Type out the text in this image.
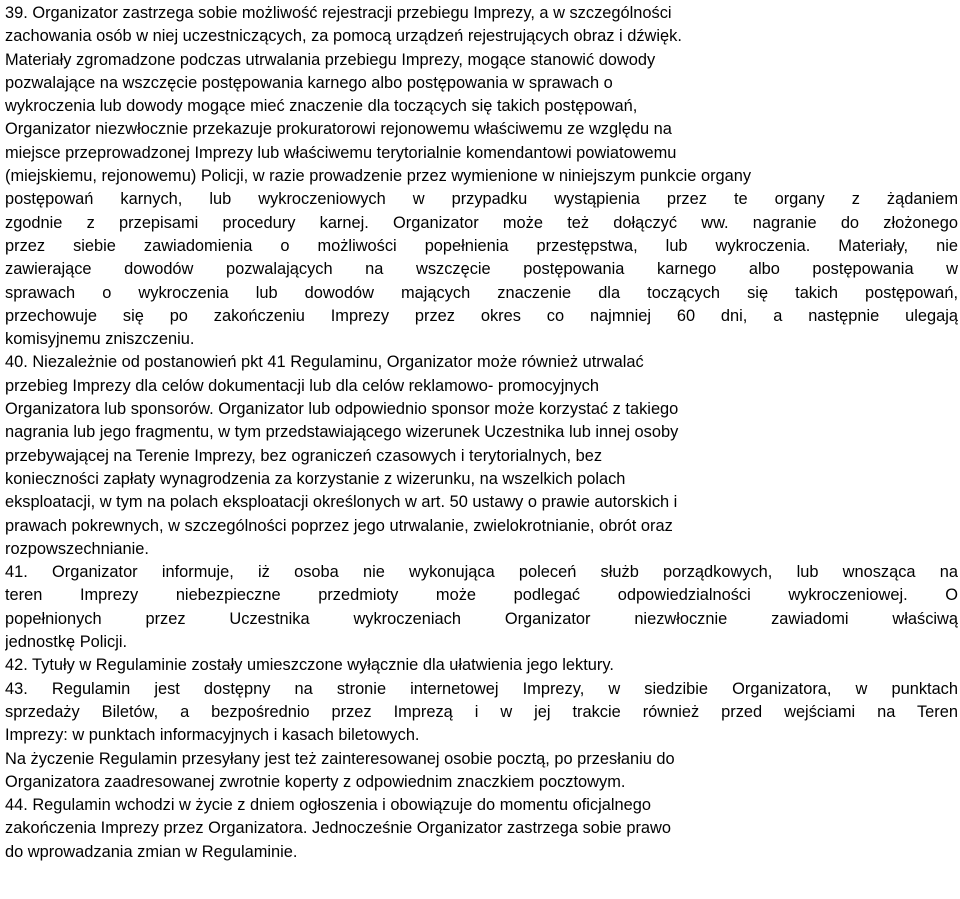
39. Organizator zastrzega sobie możliwość rejestracji przebiegu Imprezy, a w szczególności
zachowania osób w niej uczestniczących, za pomocą urządzeń rejestrujących obraz i dźwięk.
Materiały zgromadzone podczas utrwalania przebiegu Imprezy, mogące stanowić dowody
pozwalające na wszczęcie postępowania karnego albo postępowania w sprawach o
wykroczenia lub dowody mogące mieć znaczenie dla toczących się takich postępowań,
Organizator niezwłocznie przekazuje prokuratorowi rejonowemu właściwemu ze względu na
miejsce przeprowadzonej Imprezy lub właściwemu terytorialnie komendantowi powiatowemu
(miejskiemu, rejonowemu) Policji, w razie prowadzenie przez wymienione w niniejszym punkcie organy
postępowań karnych, lub wykroczeniowych w przypadku wystąpienia przez te organy z żądaniem
zgodnie z przepisami procedury karnej. Organizator może też dołączyć ww. nagranie do złożonego
przez siebie zawiadomienia o możliwości popełnienia przestępstwa, lub wykroczenia. Materiały, nie
zawierające dowodów pozwalających na wszczęcie postępowania karnego albo postępowania w
sprawach o wykroczenia lub dowodów mających znaczenie dla toczących się takich postępowań,
przechowuje się po zakończeniu Imprezy przez okres co najmniej 60 dni, a następnie ulegają
komisyjnemu zniszczeniu.
40. Niezależnie od postanowień pkt 41 Regulaminu, Organizator może również utrwalać
przebieg Imprezy dla celów dokumentacji lub dla celów reklamowo- promocyjnych
Organizatora lub sponsorów. Organizator lub odpowiednio sponsor może korzystać z takiego
nagrania lub jego fragmentu, w tym przedstawiającego wizerunek Uczestnika lub innej osoby
przebywającej na Terenie Imprezy, bez ograniczeń czasowych i terytorialnych, bez
konieczności zapłaty wynagrodzenia za korzystanie z wizerunku, na wszelkich polach
eksploatacji, w tym na polach eksploatacji określonych w art. 50 ustawy o prawie autorskich i
prawach pokrewnych, w szczególności poprzez jego utrwalanie, zwielokrotnianie, obrót oraz
rozpowszechnianie.
41. Organizator informuje, iż osoba nie wykonująca poleceń służb porządkowych, lub wnosząca na
teren Imprezy niebezpieczne przedmioty może podlegać odpowiedzialności wykroczeniowej. O
popełnionych przez Uczestnika wykroczeniach Organizator niezwłocznie zawiadomi właściwą
jednostkę Policji.
42. Tytuły w Regulaminie zostały umieszczone wyłącznie dla ułatwienia jego lektury.
43. Regulamin jest dostępny na stronie internetowej Imprezy, w siedzibie Organizatora, w punktach
sprzedaży Biletów, a bezpośrednio przez Imprezą i w jej trakcie również przed wejściami na Teren
Imprezy: w punktach informacyjnych i kasach biletowych.
Na życzenie Regulamin przesyłany jest też zainteresowanej osobie pocztą, po przesłaniu do
Organizatora zaadresowanej zwrotnie koperty z odpowiednim znaczkiem pocztowym.
44. Regulamin wchodzi w życie z dniem ogłoszenia i obowiązuje do momentu oficjalnego
zakończenia Imprezy przez Organizatora. Jednocześnie Organizator zastrzega sobie prawo
do wprowadzania zmian w Regulaminie.
